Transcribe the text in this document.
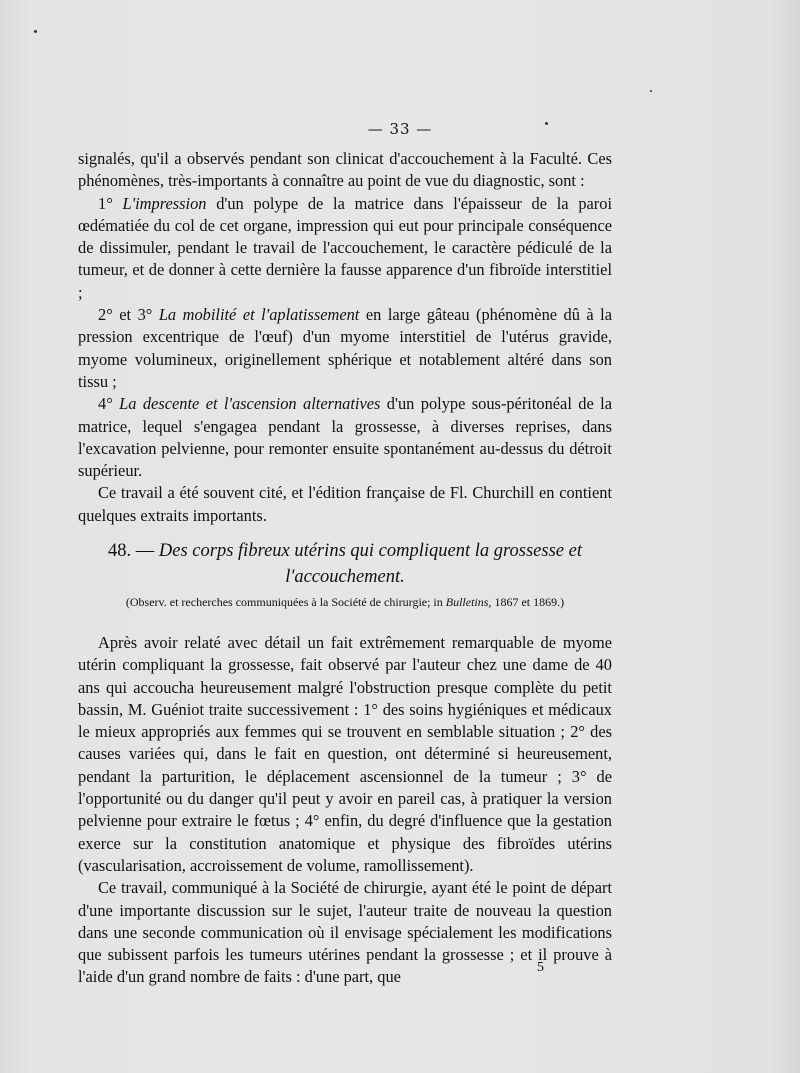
— 33 —

signalés, qu'il a observés pendant son clinicat d'accouchement à la Faculté. Ces phénomènes, très-importants à connaître au point de vue du diagnostic, sont :

1° L'impression d'un polype de la matrice dans l'épaisseur de la paroi œdématiée du col de cet organe, impression qui eut pour principale conséquence de dissimuler, pendant le travail de l'accouchement, le caractère pédiculé de la tumeur, et de donner à cette dernière la fausse apparence d'un fibroïde interstitiel ;

2° et 3° La mobilité et l'aplatissement en large gâteau (phénomène dû à la pression excentrique de l'œuf) d'un myome interstitiel de l'utérus gravide, myome volumineux, originellement sphérique et notablement altéré dans son tissu ;

4° La descente et l'ascension alternatives d'un polype sous-péritonéal de la matrice, lequel s'engagea pendant la grossesse, à diverses reprises, dans l'excavation pelvienne, pour remonter ensuite spontanément au-dessus du détroit supérieur.

Ce travail a été souvent cité, et l'édition française de Fl. Churchill en contient quelques extraits importants.

48. — Des corps fibreux utérins qui compliquent la grossesse et l'accouchement.
(Observ. et recherches communiquées à la Société de chirurgie; in Bulletins, 1867 et 1869.)

Après avoir relaté avec détail un fait extrêmement remarquable de myome utérin compliquant la grossesse, fait observé par l'auteur chez une dame de 40 ans qui accoucha heureusement malgré l'obstruction presque complète du petit bassin, M. Guéniot traite successivement : 1° des soins hygiéniques et médicaux le mieux appropriés aux femmes qui se trouvent en semblable situation ; 2° des causes variées qui, dans le fait en question, ont déterminé si heureusement, pendant la parturition, le déplacement ascensionnel de la tumeur ; 3° de l'opportunité ou du danger qu'il peut y avoir en pareil cas, à pratiquer la version pelvienne pour extraire le fœtus ; 4° enfin, du degré d'influence que la gestation exerce sur la constitution anatomique et physique des fibroïdes utérins (vascularisation, accroissement de volume, ramollissement).

Ce travail, communiqué à la Société de chirurgie, ayant été le point de départ d'une importante discussion sur le sujet, l'auteur traite de nouveau la question dans une seconde communication où il envisage spécialement les modifications que subissent parfois les tumeurs utérines pendant la grossesse ; et il prouve à l'aide d'un grand nombre de faits : d'une part, que	5
